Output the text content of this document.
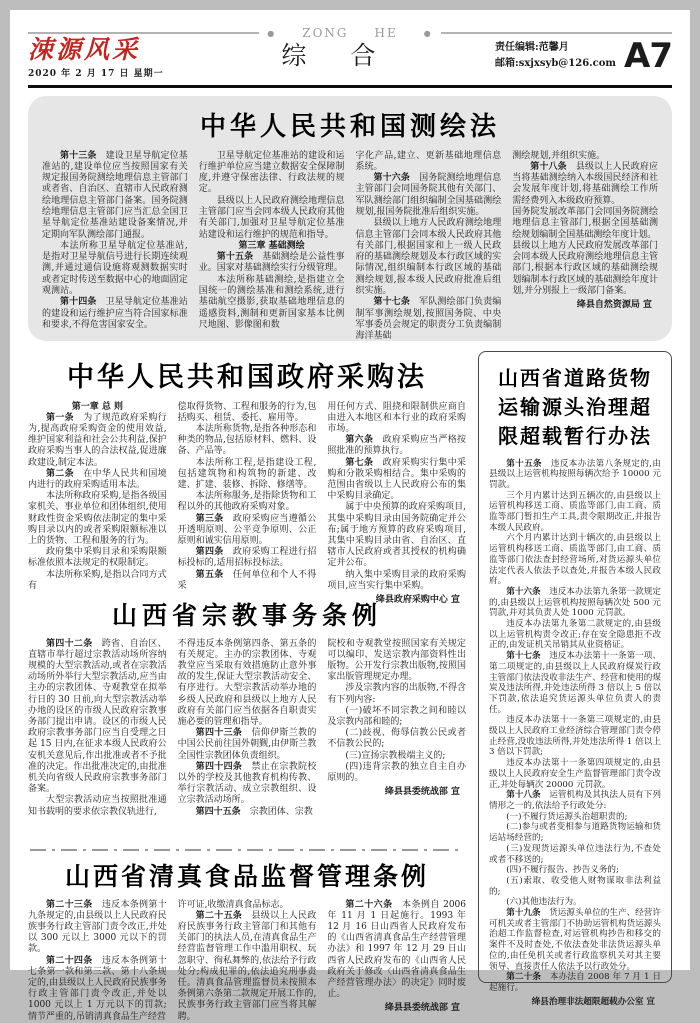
● ZONG HE	●
涑源风采
2020 年 2 月 17 日 星期一
综 合	责任编辑:范馨月
邮箱:sxjxsyb@126.com A7
中华人民共和国测绘法

第十三条　建设卫星导航定位基准站的,建设单位应当按照国家有关规定报国务院测绘地理信息主管部门或者省、自治区、直辖市人民政府测绘地理信息主管部门备案。国务院测绘地理信息主管部门应当汇总全国卫星导航定位基准站建设备案情况,并定期向军队测绘部门通报。

本法所称卫星导航定位基准站,是指对卫星导航信号进行长期连续观测,并通过通信设施将观测数据实时或者定时传送至数据中心的地面固定观测站。

第十四条　卫星导航定位基准站的建设和运行维护应当符合国家标准和要求,不得危害国家安全。

卫星导航定位基准站的建设和运行维护单位应当建立数据安全保障制度,并遵守保密法律、行政法规的规定。

县级以上人民政府测绘地理信息主管部门应当会同本级人民政府其他有关部门,加强对卫星导航定位基准站建设和运行维护的规范和指导。

第三章 基础测绘

第十五条　基础测绘是公益性事业。国家对基础测绘实行分级管理。

本法所称基础测绘,是指建立全国统一的测绘基准和测绘系统,进行基础航空摄影,获取基础地理信息的遥感资料,测制和更新国家基本比例尺地图、影像图和数

字化产品,建立、更新基础地理信息系统。

第十六条　国务院测绘地理信息主管部门会同国务院其他有关部门、军队测绘部门组织编制全国基础测绘规划,报国务院批准后组织实施。

县级以上地方人民政府测绘地理信息主管部门会同本级人民政府其他有关部门,根据国家和上一级人民政府的基础测绘规划及本行政区域的实际情况,组织编制本行政区域的基础测绘规划,报本级人民政府批准后组织实施。

第十七条　军队测绘部门负责编制军事测绘规划,按照国务院、中央军事委员会规定的职责分工负责编制海洋基础

测绘规划,并组织实施。

第十八条　县级以上人民政府应当将基础测绘纳入本级国民经济和社会发展年度计划,将基础测绘工作所需经费列入本级政府预算。

国务院发展改革部门会同国务院测绘地理信息主管部门,根据全国基础测绘规划编制全国基础测绘年度计划。

县级以上地方人民政府发展改革部门会同本级人民政府测绘地理信息主管部门,根据本行政区域的基础测绘规划编制本行政区域的基础测绘年度计划,并分别报上一级部门备案。

绛县自然资源局 宣

中华人民共和国政府采购法

第一章 总 则

第一条　为了规范政府采购行为,提高政府采购资金的使用效益,维护国家利益和社会公共利益,保护政府采购当事人的合法权益,促进廉政建设,制定本法。

第二条　在中华人民共和国境内进行的政府采购适用本法。

本法所称政府采购,是指各级国家机关、事业单位和团体组织,使用财政性资金采购依法制定的集中采购目录以内的或者采购限额标准以上的货物、工程和服务的行为。

政府集中采购目录和采购限额标准依照本法规定的权限制定。

本法所称采购,是指以合同方式有

偿取得货物、工程和服务的行为,包括购买、租赁、委托、雇用等。

本法所称货物,是指各种形态和种类的物品,包括原材料、燃料、设备、产品等。

本法所称工程,是指建设工程,包括建筑物和构筑物的新建、改建、扩建、装修、拆除、修缮等。

本法所称服务,是指除货物和工程以外的其他政府采购对象。

第三条　政府采购应当遵循公开透明原则、公平竞争原则、公正原则和诚实信用原则。

第四条　政府采购工程进行招标投标的,适用招标投标法。

第五条　任何单位和个人不得采

用任何方式、阻挠和限制供应商自由进入本地区和本行业的政府采购市场。

第六条　政府采购应当严格按照批准的预算执行。

第七条　政府采购实行集中采购和分散采购相结合。集中采购的范围由省级以上人民政府公布的集中采购目录确定。

属于中央预算的政府采购项目,其集中采购目录由国务院确定并公布;属于地方预算的政府采购项目,其集中采购目录由省、自治区、直辖市人民政府或者其授权的机构确定并公布。

纳入集中采购目录的政府采购项目,应当实行集中采购。

绛县政府采购中心 宣

山西省宗教事务条例

第四十二条　跨省、自治区、直辖市举行超过宗教活动场所容纳规模的大型宗教活动,或者在宗教活动场所外举行大型宗教活动,应当由主办的宗教团体、寺观教堂在拟举行日的 30 日前,向大型宗教活动举办地的设区的市级人民政府宗教事务部门提出申请。设区的市级人民政府宗教事务部门应当自受理之日起 15 日内,在征求本级人民政府公安机关意见后,作出批准或者不予批准的决定。作出批准决定的,由批准机关向省级人民政府宗教事务部门备案。

大型宗教活动应当按照批准通知书载明的要求依宗教仪轨进行,

不得违反本条例第四条、第五条的有关规定。主办的宗教团体、寺观教堂应当采取有效措施防止意外事故的发生,保证大型宗教活动安全、有序进行。大型宗教活动举办地的乡级人民政府和县级以上地方人民政府有关部门应当依据各自职责实施必要的管理和指导。

第四十三条　信仰伊斯兰教的中国公民前往国外朝觐,由伊斯兰教全国性宗教团体负责组织。

第四十四条　禁止在宗教院校以外的学校及其他教育机构传教、举行宗教活动、成立宗教组织、设立宗教活动场所。

第四十五条　宗教团体、宗教

院校和寺观教堂按照国家有关规定可以编印、发送宗教内部资料性出版物。公开发行宗教出版物,按照国家出版管理规定办理。

涉及宗教内容的出版物,不得含有下列内容:

(一)破坏不同宗教之间和睦以及宗教内部和睦的;

(二)歧视、侮辱信教公民或者不信教公民的;

(三)宣扬宗教极端主义的;

(四)违背宗教的独立自主自办原则的。

绛县县委统战部 宣

山西省清真食品监督管理条例

第二十三条　违反本条例第十九条规定的,由县级以上人民政府民族事务行政主管部门责令改正,并处以 300 元以上 3000 元以下的罚款。

第二十四条　违反本条例第十七条第一款和第三款、第十八条规定的,由县级以上人民政府民族事务行政主管部门责令改正,并处以 1000 元以上 1 万元以下的罚款;情节严重的,吊销清真食品生产经营

许可证,收缴清真食品标志。

第二十五条　县级以上人民政府民族事务行政主管部门和其他有关部门的执法人员,在清真食品生产经营监督管理工作中滥用职权、玩忽职守、徇私舞弊的,依法给予行政处分;构成犯罪的,依法追究刑事责任。清真食品管理监督员未按照本条例第六条第二款规定开展工作的,民族事务行政主管部门应当将其解聘。

第二十六条　本条例自 2006 年 11 月 1 日起施行。1993 年 12 月 16 日山西省人民政府发布的《山西省清真食品生产经营管理办法》和 1997 年 12 月 29 日山西省人民政府发布的《山西省人民政府关于修改〈山西省清真食品生产经营管理办法〉的决定》同时废止。

绛县县委统战部 宣

山西省道路货物运输源头治理超限超载暂行办法

第十五条　违反本办法第八条规定的,由县级以上运管机构按照每辆次给予 10000 元罚款。

三个月内累计达到五辆次的,由县级以上运管机构移送工商、质监等部门,由工商、质监等部门暂扣生产工具,责令限期改正,并报告本级人民政府。

六个月内累计达到十辆次的,由县级以上运管机构移送工商、质监等部门,由工商、质监等部门依法查封经营场所,对货运源头单位法定代表人依法予以查处,并报告本级人民政府。

第十六条　违反本办法第九条第一款规定的,由县级以上运管机构按照每辆次处 500 元罚款,并对其负责人处 1000 元罚款。

违反本办法第九条第二款规定的,由县级以上运管机构责令改正;存在安全隐患拒不改正的,由发证机关吊销其从业资格证。

第十七条　违反本办法第十一条第一项、第二项规定的,由县级以上人民政府煤炭行政主管部门依法没收非法生产、经营和使用的煤炭及违法所得,并处违法所得 3 倍以上 5 倍以下罚款,依法追究货运源头单位负责人的责任。

违反本办法第十一条第三项规定的,由县级以上人民政府工业经济综合管理部门责令停止经营,没收违法所得,并处违法所得 1 倍以上 3 倍以下罚款;

违反本办法第十一条第四项规定的,由县级以上人民政府安全生产监督管理部门责令改正,并处每辆次 20000 元罚款。

第十八条　运管机构及其执法人员有下列情形之一的,依法给予行政处分:

(一)不履行货运源头治超职责的;

(二)参与或者变相参与道路货物运输和货运站场经营的;

(三)发现货运源头单位违法行为,不查处或者不移送的;

(四)不履行报告、抄告义务的;

(五)索取、收受他人财物谋取非法利益的;

(六)其他违法行为。

第十九条　货运源头单位的生产、经营许可机关或者主管部门不协助运管机构货运源头治超工作监督检查,对运管机构抄告和移交的案件不及时查处,不依法查处非法货运源头单位的,由任免机关或者行政监察机关对其主要领导、直接责任人依法予以行政处分。

第二十条　本办法自 2008 年 7 月 1 日起施行。

绛县治理非法超限超载办公室 宣
